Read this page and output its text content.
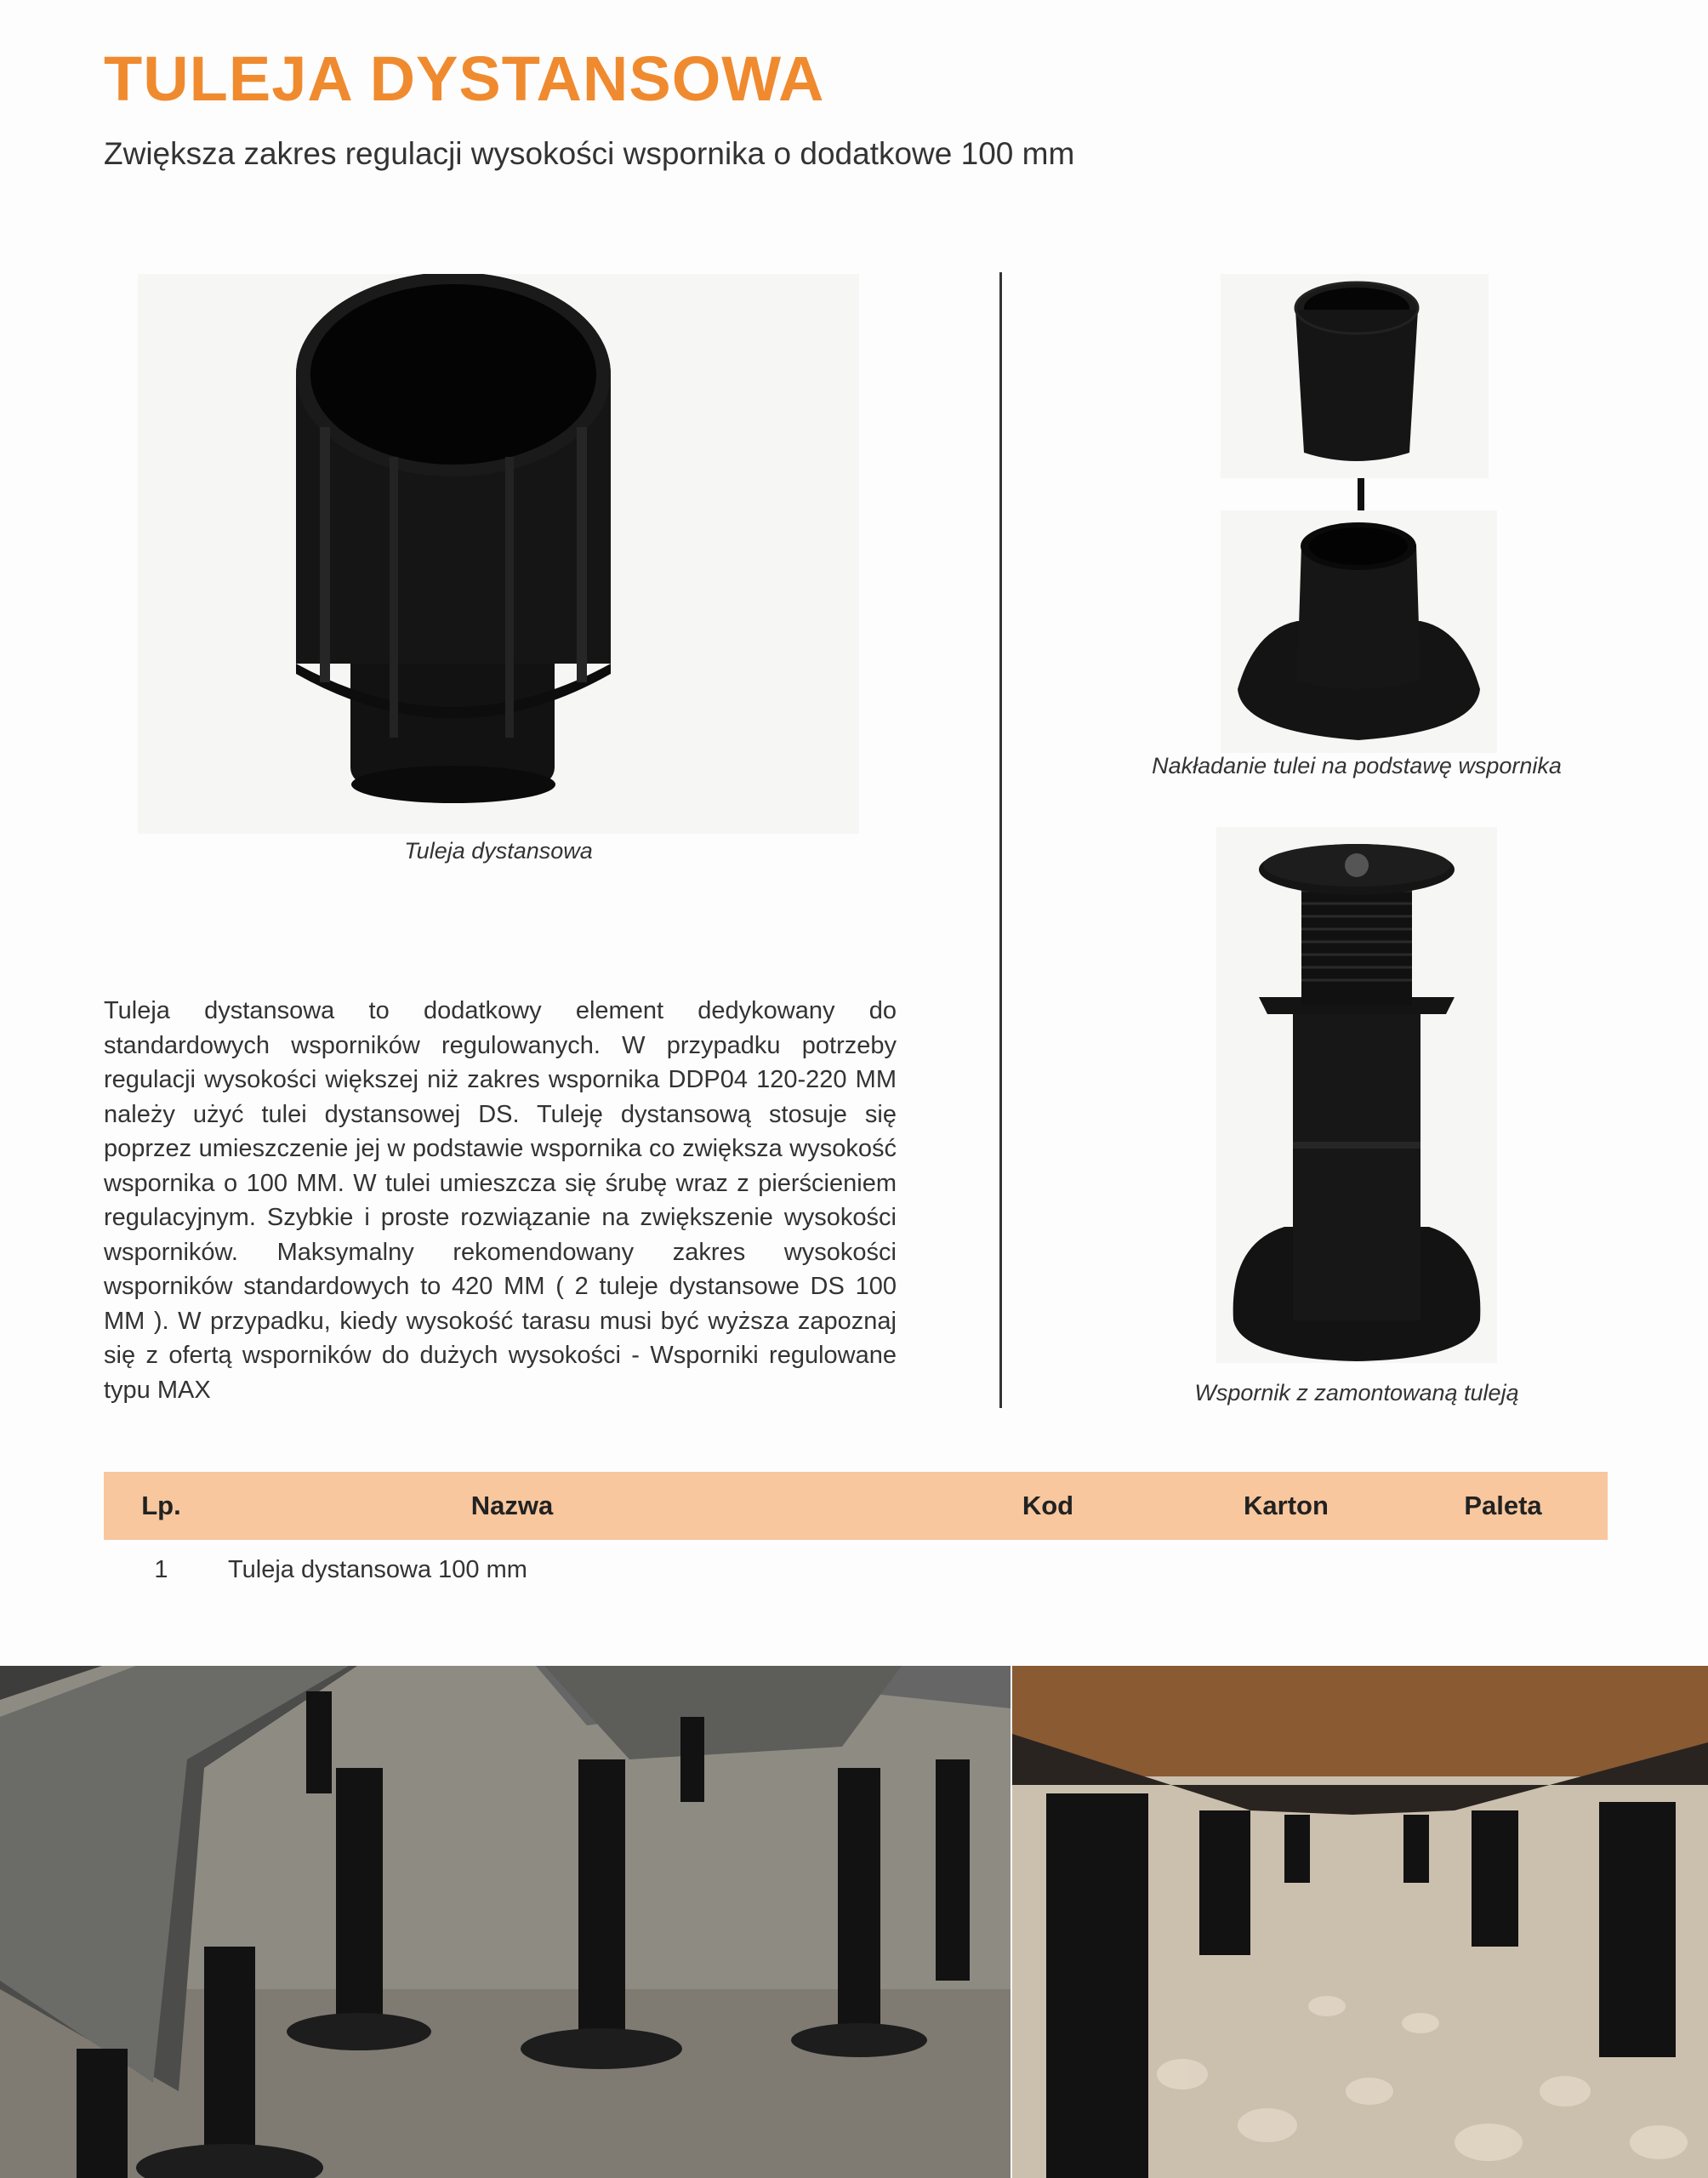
TULEJA DYSTANSOWA

Zwiększa zakres regulacji wysokości wspornika o dodatkowe 100 mm

Tuleja dystansowa
Nakładanie tulei na podstawę wspornika
Wspornik z zamontowaną tuleją

Tuleja dystansowa to dodatkowy element dedykowany do standardowych wsporników regulowanych. W przypadku potrzeby regulacji wysokości większej niż zakres wspornika DDP04 120-220 MM należy użyć tulei dystansowej DS. Tuleję dystansową stosuje się poprzez umieszczenie jej w podstawie wspornika co zwiększa wysokość wspornika o 100 MM. W tulei umieszcza się śrubę wraz z pierścieniem regulacyjnym. Szybkie i proste rozwiązanie na zwiększenie wysokości wsporników. Maksymalny rekomendowany zakres wysokości wsporników standardowych to 420 MM ( 2 tuleje dystansowe DS 100 MM ). W przypadku, kiedy wysokość tarasu musi być wyższa zapoznaj się z ofertą wsporników do dużych wysokości - Wsporniki regulowane typu MAX

Lp.	Nazwa	Kod	Karton	Paleta
1	Tuleja dystansowa 100 mm
